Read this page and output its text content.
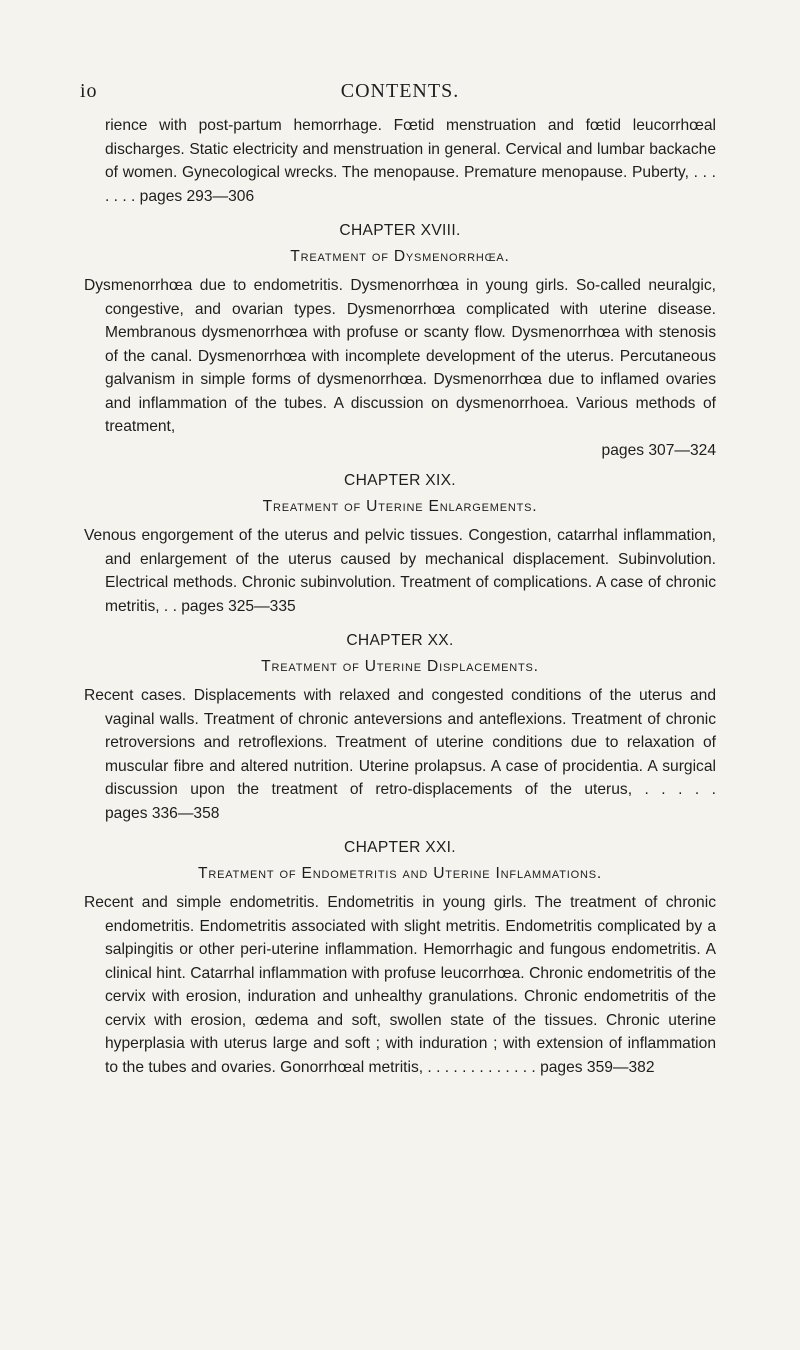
io	CONTENTS.

rience with post-partum hemorrhage. Fœtid menstruation and fœtid leucorrhœal discharges. Static electricity and menstruation in general. Cervical and lumbar backache of women. Gynecological wrecks. The menopause. Premature menopause. Puberty, . . . . . . . pages 293—306

CHAPTER XVIII.

Treatment of Dysmenorrhœa.

Dysmenorrhœa due to endometritis. Dysmenorrhœa in young girls. So-called neuralgic, congestive, and ovarian types. Dysmenorrhœa complicated with uterine disease. Membranous dysmenorrhœa with profuse or scanty flow. Dysmenorrhœa with stenosis of the canal. Dysmenorrhœa with incomplete development of the uterus. Percutaneous galvanism in simple forms of dysmenorrhœa. Dysmenorrhœa due to inflamed ovaries and inflammation of the tubes. A discussion on dysmenorrhoea. Various methods of treatment,
pages 307—324

CHAPTER XIX.

Treatment of Uterine Enlargements.

Venous engorgement of the uterus and pelvic tissues. Congestion, catarrhal inflammation, and enlargement of the uterus caused by mechanical displacement. Subinvolution. Electrical methods. Chronic subinvolution. Treatment of complications. A case of chronic metritis, . . pages 325—335

CHAPTER XX.

Treatment of Uterine Displacements.

Recent cases. Displacements with relaxed and congested conditions of the uterus and vaginal walls. Treatment of chronic anteversions and anteflexions. Treatment of chronic retroversions and retroflexions. Treatment of uterine conditions due to relaxation of muscular fibre and altered nutrition. Uterine prolapsus. A case of procidentia. A surgical discussion upon the treatment of retro-displacements of the uterus, . . . . . pages 336—358

CHAPTER XXI.

Treatment of Endometritis and Uterine Inflammations.

Recent and simple endometritis. Endometritis in young girls. The treatment of chronic endometritis. Endometritis associated with slight metritis. Endometritis complicated by a salpingitis or other peri-uterine inflammation. Hemorrhagic and fungous endometritis. A clinical hint. Catarrhal inflammation with profuse leucorrhœa. Chronic endometritis of the cervix with erosion, induration and unhealthy granulations. Chronic endometritis of the cervix with erosion, œdema and soft, swollen state of the tissues. Chronic uterine hyperplasia with uterus large and soft ; with induration ; with extension of inflammation to the tubes and ovaries. Gonorrhœal metritis, . . . . . . . . . . . . . pages 359—382
